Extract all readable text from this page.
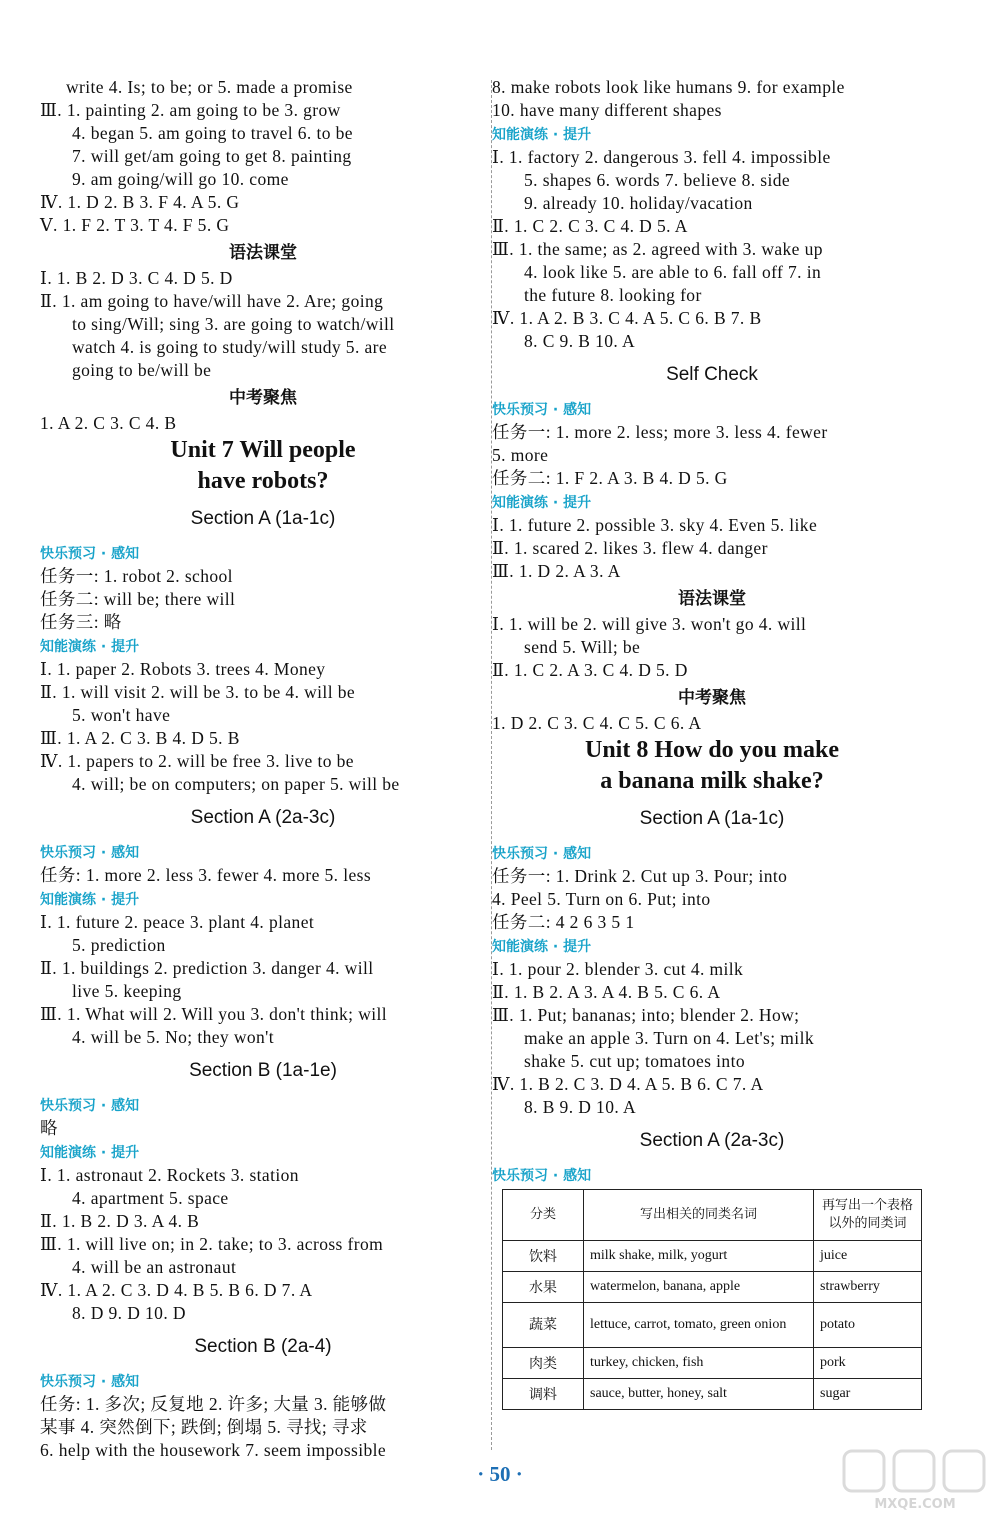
write 4. Is; to be; or 5. made a promise
Ⅲ. 1. painting 2. am going to be 3. grow
4. began 5. am going to travel 6. to be
7. will get/am going to get 8. painting
9. am going/will go 10. come
Ⅳ. 1. D 2. B 3. F 4. A 5. G
Ⅴ. 1. F 2. T 3. T 4. F 5. G
语法课堂
Ⅰ. 1. B 2. D 3. C 4. D 5. D
Ⅱ. 1. am going to have/will have 2. Are; going
to sing/Will; sing 3. are going to watch/will
watch 4. is going to study/will study 5. are
going to be/will be
中考聚焦
1. A 2. C 3. C 4. B
Unit 7 Will people
have robots?
Section A (1a-1c)
快乐预习 · 感知
任务一: 1. robot 2. school
任务二: will be; there will
任务三: 略
知能演练 · 提升
Ⅰ. 1. paper 2. Robots 3. trees 4. Money
Ⅱ. 1. will visit 2. will be 3. to be 4. will be
5. won't have
Ⅲ. 1. A 2. C 3. B 4. D 5. B
Ⅳ. 1. papers to 2. will be free 3. live to be
4. will; be on computers; on paper 5. will be
Section A (2a-3c)
快乐预习 · 感知
任务: 1. more 2. less 3. fewer 4. more 5. less
知能演练 · 提升
Ⅰ. 1. future 2. peace 3. plant 4. planet
5. prediction
Ⅱ. 1. buildings 2. prediction 3. danger 4. will
live 5. keeping
Ⅲ. 1. What will 2. Will you 3. don't think; will
4. will be 5. No; they won't
Section B (1a-1e)
快乐预习 · 感知
略
知能演练 · 提升
Ⅰ. 1. astronaut 2. Rockets 3. station
4. apartment 5. space
Ⅱ. 1. B 2. D 3. A 4. B
Ⅲ. 1. will live on; in 2. take; to 3. across from
4. will be an astronaut
Ⅳ. 1. A 2. C 3. D 4. B 5. B 6. D 7. A
8. D 9. D 10. D
Section B (2a-4)
快乐预习 · 感知
任务: 1. 多次; 反复地 2. 许多; 大量 3. 能够做
某事 4. 突然倒下; 跌倒; 倒塌 5. 寻找; 寻求
6. help with the housework 7. seem impossible
8. make robots look like humans 9. for example
10. have many different shapes
知能演练 · 提升
Ⅰ. 1. factory 2. dangerous 3. fell 4. impossible
5. shapes 6. words 7. believe 8. side
9. already 10. holiday/vacation
Ⅱ. 1. C 2. C 3. C 4. D 5. A
Ⅲ. 1. the same; as 2. agreed with 3. wake up
4. look like 5. are able to 6. fall off 7. in
the future 8. looking for
Ⅳ. 1. A 2. B 3. C 4. A 5. C 6. B 7. B
8. C 9. B 10. A
Self Check
快乐预习 · 感知
任务一: 1. more 2. less; more 3. less 4. fewer
5. more
任务二: 1. F 2. A 3. B 4. D 5. G
知能演练 · 提升
Ⅰ. 1. future 2. possible 3. sky 4. Even 5. like
Ⅱ. 1. scared 2. likes 3. flew 4. danger
Ⅲ. 1. D 2. A 3. A
语法课堂
Ⅰ. 1. will be 2. will give 3. won't go 4. will
send 5. Will; be
Ⅱ. 1. C 2. A 3. C 4. D 5. D
中考聚焦
1. D 2. C 3. C 4. C 5. C 6. A
Unit 8 How do you make
a banana milk shake?
Section A (1a-1c)
快乐预习 · 感知
任务一: 1. Drink 2. Cut up 3. Pour; into
4. Peel 5. Turn on 6. Put; into
任务二: 4 2 6 3 5 1
知能演练 · 提升
Ⅰ. 1. pour 2. blender 3. cut 4. milk
Ⅱ. 1. B 2. A 3. A 4. B 5. C 6. A
Ⅲ. 1. Put; bananas; into; blender 2. How;
make an apple 3. Turn on 4. Let's; milk
shake 5. cut up; tomatoes into
Ⅳ. 1. B 2. C 3. D 4. A 5. B 6. C 7. A
8. B 9. D 10. A
Section A (2a-3c)
快乐预习 · 感知
分类	写出相关的同类名词	再写出一个表格以外的同类词
饮料	milk shake, milk, yogurt	juice
水果	watermelon, banana, apple	strawberry
蔬菜	lettuce, carrot, tomato, green onion	potato
肉类	turkey, chicken, fish	pork
调料	sauce, butter, honey, salt	sugar
· 50 ·
MXQE.COM
